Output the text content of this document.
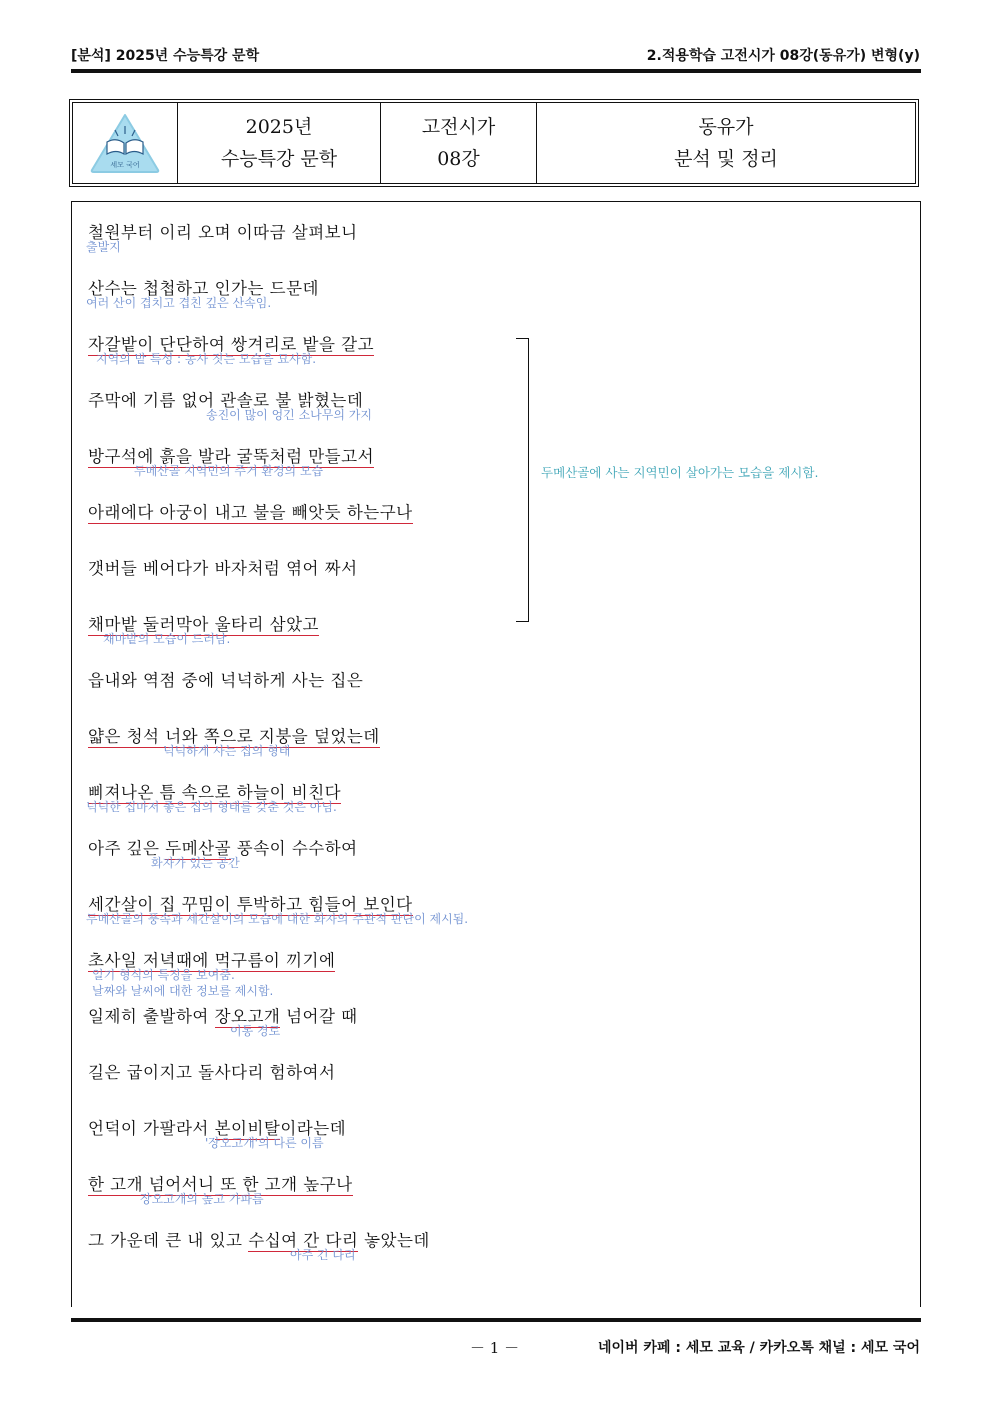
[분석] 2025년 수능특강 문학	2.적용학습 고전시가 08강(동유가) 변형(y)
세모 국어
2025년
수능특강 문학
고전시가
08강
동유가
분석 및 정리
철원부터 이리 오며 이따금 살펴보니
출발지
산수는 첩첩하고 인가는 드문데
여러 산이 겹치고 겹친 깊은 산속임.
자갈밭이 단단하여 쌍겨리로 밭을 갈고
지역의 밭 특성 : 농사 짓는 모습을 묘사함.
주막에 기름 없어 관솔로 불 밝혔는데
송진이 많이 엉긴 소나무의 가지
방구석에 흙을 발라 굴뚝처럼 만들고서
두메산골 지역민의 주거 환경의 모습
아래에다 아궁이 내고 불을 빼앗듯 하는구나
갯버들 베어다가 바자처럼 엮어 짜서
채마밭 둘러막아 울타리 삼았고
채마밭의 모습이 드러남.
읍내와 역점 중에 넉넉하게 사는 집은
얇은 청석 너와 쪽으로 지붕을 덮었는데
넉넉하게 사는 집의 형태
삐져나온 틈 속으로 하늘이 비친다
넉넉한 집마저 좋은 집의 형태를 갖춘 것은 아님.
아주 깊은 두메산골 풍속이 수수하여
화자가 있는 공간
세간살이 집 꾸밈이 투박하고 힘들어 보인다
두메산골의 풍속과 세간살이의 모습에 대한 화자의 주관적 판단이 제시됨.
초사일 저녁때에 먹구름이 끼기에
일기 형식의 특징을 보여줌.
날짜와 날씨에 대한 정보를 제시함.
일제히 출발하여 장오고개 넘어갈 때
이동 경로
길은 굽이지고 돌사다리 험하여서
언덕이 가팔라서 본이비탈이라는데
'장오고개'의 다른 이름
한 고개 넘어서니 또 한 고개 높구나
장오고개의 높고 가파름
그 가운데 큰 내 있고 수십여 간 다리 놓았는데
아주 긴 다리
두메산골에 사는 지역민이 살아가는 모습을 제시함.
－ 1 －	네이버 카페 : 세모 교육 / 카카오톡 채널 : 세모 국어
